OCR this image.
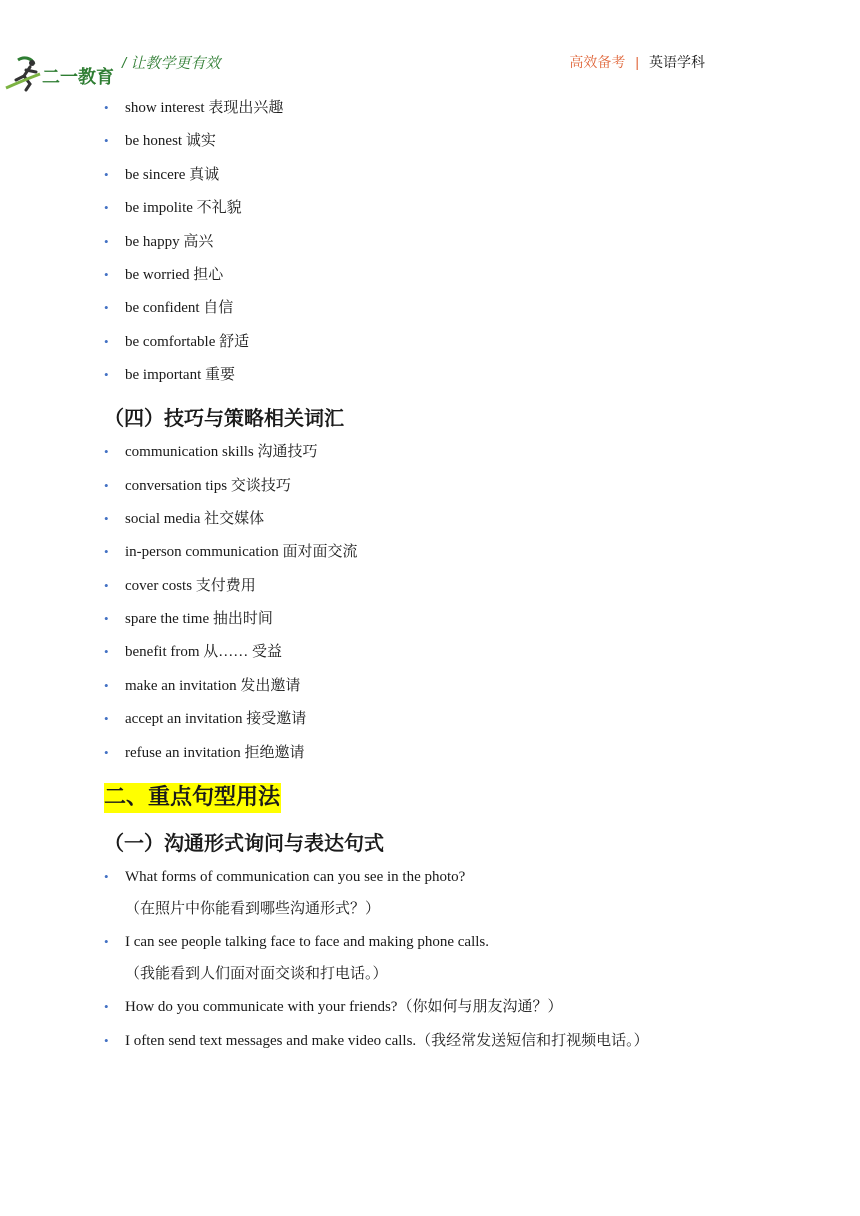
二一教育
/ 让教学更有效	高效备考 | 英语学科
• show interest 表现出兴趣
• be honest 诚实
• be sincere 真诚
• be impolite 不礼貌
• be happy 高兴
• be worried 担心
• be confident 自信
• be comfortable 舒适
• be important 重要
（四）技巧与策略相关词汇
• communication skills 沟通技巧
• conversation tips 交谈技巧
• social media 社交媒体
• in-person communication 面对面交流
• cover costs 支付费用
• spare the time 抽出时间
• benefit from 从…… 受益
• make an invitation 发出邀请
• accept an invitation 接受邀请
• refuse an invitation 拒绝邀请
二、重点句型用法
（一）沟通形式询问与表达句式
• What forms of communication can you see in the photo?
（在照片中你能看到哪些沟通形式？）
• I can see people talking face to face and making phone calls.
（我能看到人们面对面交谈和打电话。）
• How do you communicate with your friends?（你如何与朋友沟通？）
• I often send text messages and make video calls.（我经常发送短信和打视频电话。）
